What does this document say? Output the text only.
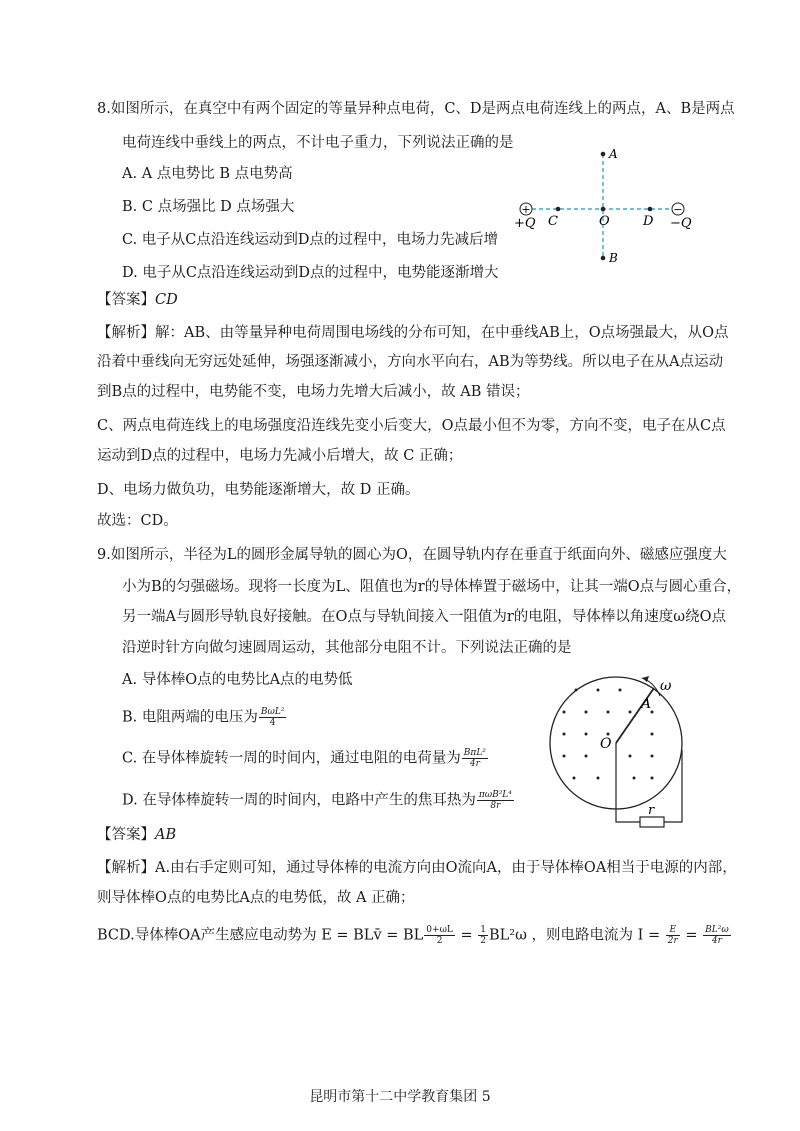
8.如图所示，在真空中有两个固定的等量异种点电荷，C、D是两点电荷连线上的两点，A、B是两点
电荷连线中垂线上的两点，不计电子重力，下列说法正确的是
A. A 点电势比 B 点电势高
B. C 点场强比 D 点场强大
C. 电子从C点沿连线运动到D点的过程中，电场力先减后增
D. 电子从C点沿连线运动到D点的过程中，电势能逐渐增大
+	−
A
B
C	O	D
+Q	−Q
【答案】CD
【解析】解：AB、由等量异种电荷周围电场线的分布可知，在中垂线AB上，O点场强最大，从O点
沿着中垂线向无穷远处延伸，场强逐渐减小，方向水平向右，AB为等势线。所以电子在从A点运动
到B点的过程中，电势能不变，电场力先增大后减小，故 AB 错误；
C、两点电荷连线上的电场强度沿连线先变小后变大，O点最小但不为零，方向不变，电子在从C点
运动到D点的过程中，电场力先减小后增大，故 C 正确；
D、电场力做负功，电势能逐渐增大，故 D 正确。
故选：CD。
9.如图所示，半径为L的圆形金属导轨的圆心为O，在圆导轨内存在垂直于纸面向外、磁感应强度大
小为B的匀强磁场。现将一长度为L、阻值也为r的导体棒置于磁场中，让其一端O点与圆心重合，
另一端A与圆形导轨良好接触。在O点与导轨间接入一阻值为r的电阻，导体棒以角速度ω绕O点
沿逆时针方向做匀速圆周运动，其他部分电阻不计。下列说法正确的是
A. 导体棒O点的电势比A点的电势低
B. 电阻两端的电压为 $\frac{\text{BωL²}}{4}$
C. 在导体棒旋转一周的时间内，通过电阻的电荷量为 $\frac{\text{BπL²}}{4r}$
D. 在导体棒旋转一周的时间内，电路中产生的焦耳热为 $\frac{\text{πωB²L⁴}}{8r}$
ω
A
O
r
【答案】AB
【解析】A.由右手定则可知，通过导体棒的电流方向由O流向A，由于导体棒OA相当于电源的内部，
则导体棒O点的电势比A点的电势低，故 A 正确；
BCD.导体棒OA产生感应电动势为 E = BLv̄ = BL $\frac{0+\omega L}{2} = \frac{1}{2} BL^2\omega$ ，则电路电流为 $I = \frac{E}{2r} = \frac{\text{BL²ω}}{4r}$
昆明市第十二中学教育集团 5
